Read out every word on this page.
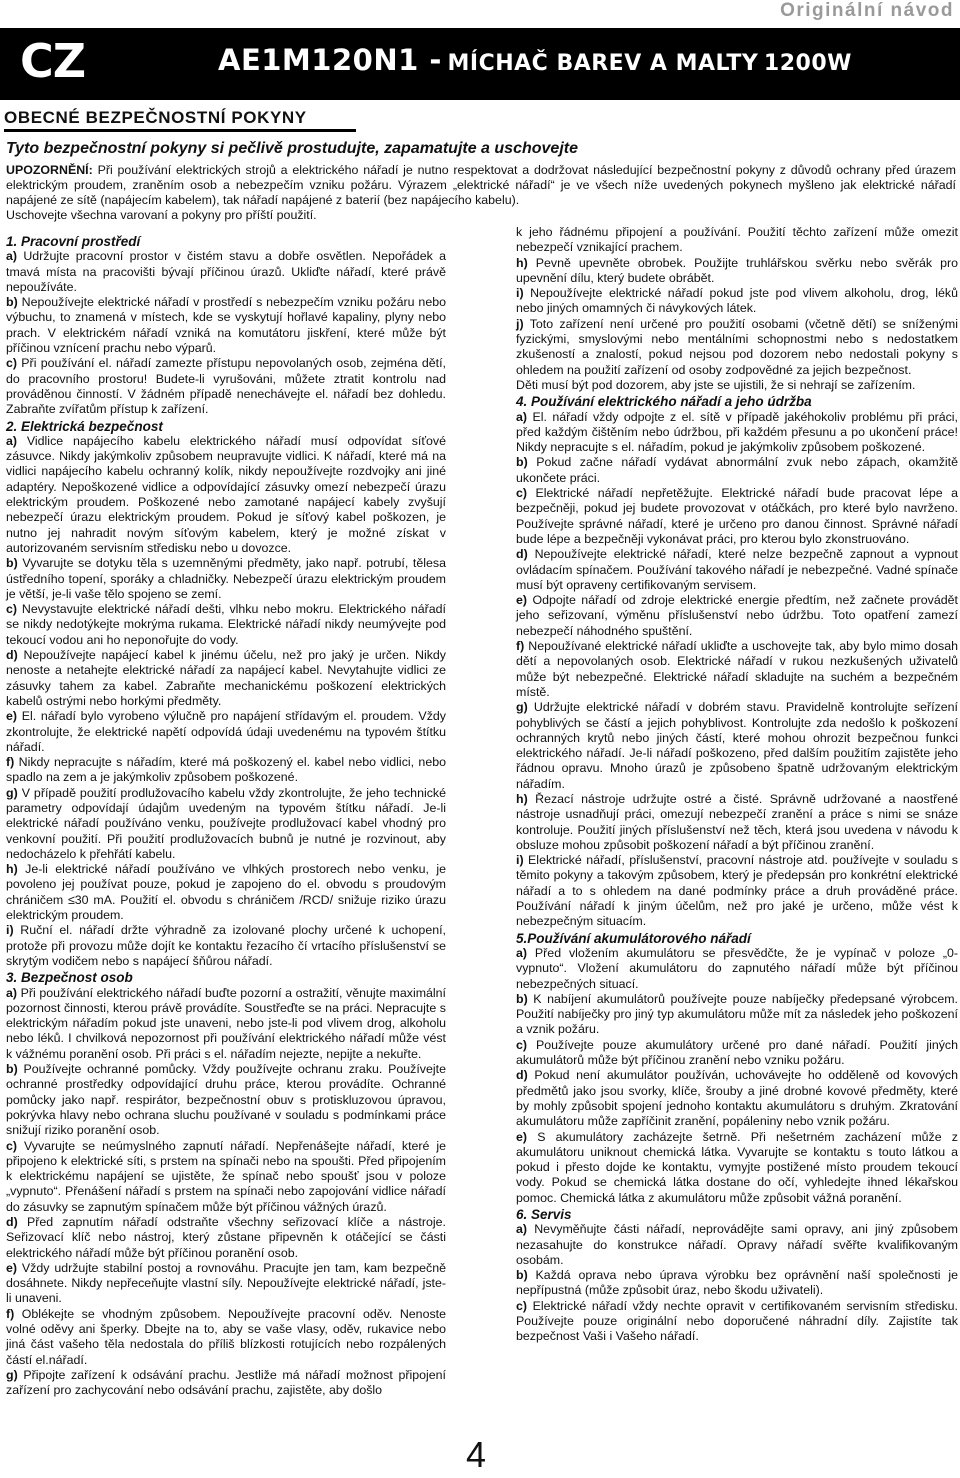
Originální návod
CZ	AE1M120N1 - MÍCHAČ BAREV A MALTY 1200W
OBECNÉ BEZPEČNOSTNÍ POKYNY
Tyto bezpečnostní pokyny si pečlivě prostudujte, zapamatujte a uschovejte

UPOZORNĚNÍ: Při používání elektrických strojů a elektrického nářadí je nutno respektovat a dodržovat následující bezpečnostní pokyny z důvodů ochrany před úrazem elektrickým proudem, zraněním osob a nebezpečím vzniku požáru. Výrazem „elektrické nářadí“ je ve všech níže uvedených pokynech myšleno jak elektrické nářadí napájené ze sítě (napájecím kabelem), tak nářadí napájené z baterií (bez napájecího kabelu).

Uschovejte všechna varovaní a pokyny pro příští použití.

1. Pracovní prostředí

a) Udržujte pracovní prostor v čistém stavu a dobře osvětlen. Nepořádek a tmavá místa na pracovišti bývají příčinou úrazů. Ukliďte nářadí, které právě nepoužíváte.

b) Nepoužívejte elektrické nářadí v prostředí s nebezpečím vzniku požáru nebo výbuchu, to znamená v místech, kde se vyskytují hořlavé kapaliny, plyny nebo prach. V elektrickém nářadí vzniká na komutátoru jiskření, které může být příčinou vznícení prachu nebo výparů.

c) Při používání el. nářadí zamezte přístupu nepovolaných osob, zejména dětí, do pracovního prostoru! Budete-li vyrušováni, můžete ztratit kontrolu nad prováděnou činností. V žádném případě nenechávejte el. nářadí bez dohledu. Zabraňte zvířatům přístup k zařízení.

2. Elektrická bezpečnost

a) Vidlice napájecího kabelu elektrického nářadí musí odpovídat síťové zásuvce. Nikdy jakýmkoliv způsobem neupravujte vidlici. K nářadí, které má na vidlici napájecího kabelu ochranný kolík, nikdy nepoužívejte rozdvojky ani jiné adaptéry. Nepoškozené vidlice a odpovídající zásuvky omezí nebezpečí úrazu elektrickým proudem. Poškozené nebo zamotané napájecí kabely zvyšují nebezpečí úrazu elektrickým proudem. Pokud je síťový kabel poškozen, je nutno jej nahradit novým síťovým kabelem, který je možné získat v autorizovaném servisním středisku nebo u dovozce.

b) Vyvarujte se dotyku těla s uzemněnými předměty, jako např. potrubí, tělesa ústředního topení, sporáky a chladničky. Nebezpečí úrazu elektrickým proudem je větší, je-li vaše tělo spojeno se zemí.

c) Nevystavujte elektrické nářadí dešti, vlhku nebo mokru. Elektrického nářadí se nikdy nedotýkejte mokrýma rukama. Elektrické nářadí nikdy neumývejte pod tekoucí vodou ani ho neponořujte do vody.

d) Nepoužívejte napájecí kabel k jinému účelu, než pro jaký je určen. Nikdy nenoste a netahejte elektrické nářadí za napájecí kabel. Nevytahujte vidlici ze zásuvky tahem za kabel. Zabraňte mechanickému poškození elektrických kabelů ostrými nebo horkými předměty.

e) El. nářadí bylo vyrobeno výlučně pro napájení střídavým el. proudem. Vždy zkontrolujte, že elektrické napětí odpovídá údaji uvedenému na typovém štítku nářadí.

f) Nikdy nepracujte s nářadím, které má poškozený el. kabel nebo vidlici, nebo spadlo na zem a je jakýmkoliv způsobem poškozené.

g) V případě použití prodlužovacího kabelu vždy zkontrolujte, že jeho technické parametry odpovídají údajům uvedeným na typovém štítku nářadí. Je-li elektrické nářadí používáno venku, používejte prodlužovací kabel vhodný pro venkovní použití. Při použití prodlužovacích bubnů je nutné je rozvinout, aby nedocházelo k přehřátí kabelu.

h) Je-li elektrické nářadí používáno ve vlhkých prostorech nebo venku, je povoleno jej používat pouze, pokud je zapojeno do el. obvodu s proudovým chráničem ≤30 mA. Použití el. obvodu s chráničem /RCD/ snižuje riziko úrazu elektrickým proudem.

i) Ruční el. nářadí držte výhradně za izolované plochy určené k uchopení, protože při provozu může dojít ke kontaktu řezacího čí vrtacího příslušenství se skrytým vodičem nebo s napájecí šňůrou nářadí.

3. Bezpečnost osob

a) Při používání elektrického nářadí buďte pozorní a ostražití, věnujte maximální pozornost činnosti, kterou právě provádíte. Soustřeďte se na práci. Nepracujte s elektrickým nářadím pokud jste unaveni, nebo jste-li pod vlivem drog, alkoholu nebo léků. I chvilková nepozornost při používání elektrického nářadí může vést k vážnému poranění osob. Při práci s el. nářadím nejezte, nepijte a nekuřte.

b) Používejte ochranné pomůcky. Vždy používejte ochranu zraku. Používejte ochranné prostředky odpovídající druhu práce, kterou provádíte. Ochranné pomůcky jako např. respirátor, bezpečnostní obuv s protiskluzovou úpravou, pokrývka hlavy nebo ochrana sluchu používané v souladu s podmínkami práce snižují riziko poranění osob.

c) Vyvarujte se neúmyslného zapnutí nářadí. Nepřenášejte nářadí, které je připojeno k elektrické síti, s prstem na spínači nebo na spoušti. Před připojením k elektrickému napájení se ujistěte, že spínač nebo spoušť jsou v poloze „vypnuto“. Přenášení nářadí s prstem na spínači nebo zapojování vidlice nářadí do zásuvky se zapnutým spínačem může být příčinou vážných úrazů.

d) Před zapnutím nářadí odstraňte všechny seřizovací klíče a nástroje. Seřizovací klíč nebo nástroj, který zůstane připevněn k otáčející se části elektrického nářadí může být příčinou poranění osob.

e) Vždy udržujte stabilní postoj a rovnováhu. Pracujte jen tam, kam bezpečně dosáhnete. Nikdy nepřeceňujte vlastní síly. Nepoužívejte elektrické nářadí, jste-li unaveni.

f) Oblékejte se vhodným způsobem. Nepoužívejte pracovní oděv. Nenoste volné oděvy ani šperky. Dbejte na to, aby se vaše vlasy, oděv, rukavice nebo jiná část vašeho těla nedostala do příliš blízkosti rotujících nebo rozpálených částí el.nářadí.

g) Připojte zařízení k odsávání prachu. Jestliže má nářadí možnost připojení zařízení pro zachycování nebo odsávání prachu, zajistěte, aby došlo

k jeho řádnému připojení a používání. Použití těchto zařízení může omezit nebezpečí vznikající prachem.

h) Pevně upevněte obrobek. Použijte truhlářskou svěrku nebo svěrák pro upevnění dílu, který budete obrábět.

i) Nepoužívejte elektrické nářadí pokud jste pod vlivem alkoholu, drog, léků nebo jiných omamných či návykových látek.

j) Toto zařízení není určené pro použití osobami (včetně dětí) se sníženými fyzickými, smyslovými nebo mentálními schopnostmi nebo s nedostatkem zkušeností a znalostí, pokud nejsou pod dozorem nebo nedostali pokyny s ohledem na použití zařízení od osoby zodpovědné za jejich bezpečnost.

Děti musí být pod dozorem, aby jste se ujistili, že si nehrají se zařízením.

4. Používání elektrického nářadí a jeho údržba

a) El. nářadí vždy odpojte z el. sítě v případě jakéhokoliv problému při práci, před každým čištěním nebo údržbou, při každém přesunu a po ukončení práce! Nikdy nepracujte s el. nářadím, pokud je jakýmkoliv způsobem poškozené.

b) Pokud začne nářadí vydávat abnormální zvuk nebo zápach, okamžitě ukončete práci.

c) Elektrické nářadí nepřetěžujte. Elektrické nářadí bude pracovat lépe a bezpečněji, pokud jej budete provozovat v otáčkách, pro které bylo navrženo. Používejte správné nářadí, které je určeno pro danou činnost. Správné nářadí bude lépe a bezpečněji vykonávat práci, pro kterou bylo zkonstruováno.

d) Nepoužívejte elektrické nářadí, které nelze bezpečně zapnout a vypnout ovládacím spínačem. Používání takového nářadí je nebezpečné. Vadné spínače musí být opraveny certifikovaným servisem.

e) Odpojte nářadí od zdroje elektrické energie předtím, než začnete provádět jeho seřizovaní, výměnu příslušenství nebo údržbu. Toto opatření zamezí nebezpečí náhodného spuštění.

f) Nepoužívané elektrické nářadí ukliďte a uschovejte tak, aby bylo mimo dosah dětí a nepovolaných osob. Elektrické nářadí v rukou nezkušených uživatelů může být nebezpečné. Elektrické nářadí skladujte na suchém a bezpečném místě.

g) Udržujte elektrické nářadí v dobrém stavu. Pravidelně kontrolujte seřízení pohyblivých se částí a jejich pohyblivost. Kontrolujte zda nedošlo k poškození ochranných krytů nebo jiných částí, které mohou ohrozit bezpečnou funkci elektrického nářadí. Je-li nářadí poškozeno, před dalším použitím zajistěte jeho řádnou opravu. Mnoho úrazů je způsobeno špatně udržovaným elektrickým nářadím.

h) Řezací nástroje udržujte ostré a čisté. Správně udržované a naostřené nástroje usnadňují práci, omezují nebezpečí zranění a práce s nimi se snáze kontroluje. Použití jiných příslušenství než těch, která jsou uvedena v návodu k obsluze mohou způsobit poškození nářadí a být příčinou zranění.

i) Elektrické nářadí, příslušenství, pracovní nástroje atd. používejte v souladu s těmito pokyny a takovým způsobem, který je předepsán pro konkrétní elektrické nářadí a to s ohledem na dané podmínky práce a druh prováděné práce. Používání nářadí k jiným účelům, než pro jaké je určeno, může vést k nebezpečným situacím.

5.Používání akumulátorového nářadí

a) Před vložením akumulátoru se přesvědčte, že je vypínač v poloze „0-vypnuto“. Vložení akumulátoru do zapnutého nářadí může být příčinou nebezpečných situací.

b) K nabíjení akumulátorů používejte pouze nabíječky předepsané výrobcem. Použití nabíječky pro jiný typ akumulátoru může mít za následek jeho poškození a vznik požáru.

c) Používejte pouze akumulátory určené pro dané nářadí. Použití jiných akumulátorů může být příčinou zranění nebo vzniku požáru.

d) Pokud není akumulátor používán, uchovávejte ho odděleně od kovových předmětů jako jsou svorky, klíče, šrouby a jiné drobné kovové předměty, které by mohly způsobit spojení jednoho kontaktu akumulátoru s druhým. Zkratování akumulátoru může zapříčinit zranění, popáleniny nebo vznik požáru.

e) S akumulátory zacházejte šetrně. Při nešetrném zacházení může z akumulátoru uniknout chemická látka. Vyvarujte se kontaktu s touto látkou a pokud i přesto dojde ke kontaktu, vymyjte postižené místo proudem tekoucí vody. Pokud se chemická látka dostane do očí, vyhledejte ihned lékařskou pomoc. Chemická látka z akumulátoru může způsobit vážná poranění.

6. Servis

a) Nevyměňujte části nářadí, neprovádějte sami opravy, ani jiný způsobem nezasahujte do konstrukce nářadí. Opravy nářadí svěřte kvalifikovaným osobám.

b) Každá oprava nebo úprava výrobku bez oprávnění naší společnosti je nepřípustná (může způsobit úraz, nebo škodu uživateli).

c) Elektrické nářadí vždy nechte opravit v certifikovaném servisním středisku. Používejte pouze originální nebo doporučené náhradní díly. Zajistíte tak bezpečnost Vaši i Vašeho nářadí.

4
